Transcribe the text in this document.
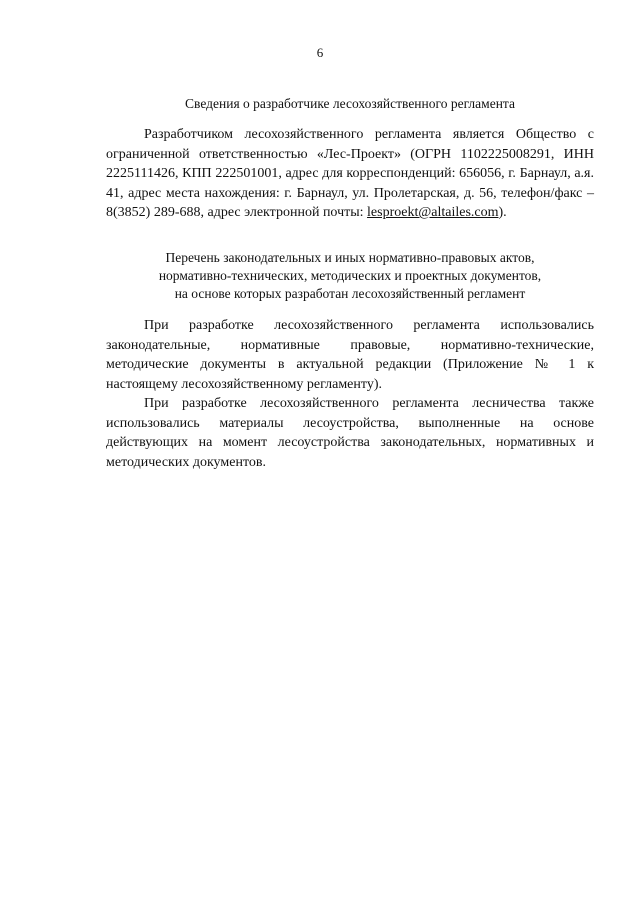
6
Сведения о разработчике лесохозяйственного регламента

Разработчиком лесохозяйственного регламента является Общество с ограниченной ответственностью «Лес-Проект» (ОГРН 1102225008291, ИНН 2225111426, КПП 222501001, адрес для корреспонденций: 656056, г. Барнаул, а.я. 41, адрес места нахождения: г. Барнаул, ул. Пролетарская, д. 56, телефон/факс – 8(3852) 289-688, адрес электронной почты: lesproekt@altailes.com).

Перечень законодательных и иных нормативно-правовых актов,
нормативно-технических, методических и проектных документов,
на основе которых разработан лесохозяйственный регламент

При разработке лесохозяйственного регламента использовались законодательные, нормативные правовые, нормативно-технические, методические документы в актуальной редакции (Приложение № 1 к настоящему лесохозяйственному регламенту).

При разработке лесохозяйственного регламента лесничества также использовались материалы лесоустройства, выполненные на основе действующих на момент лесоустройства законодательных, нормативных и методических документов.
